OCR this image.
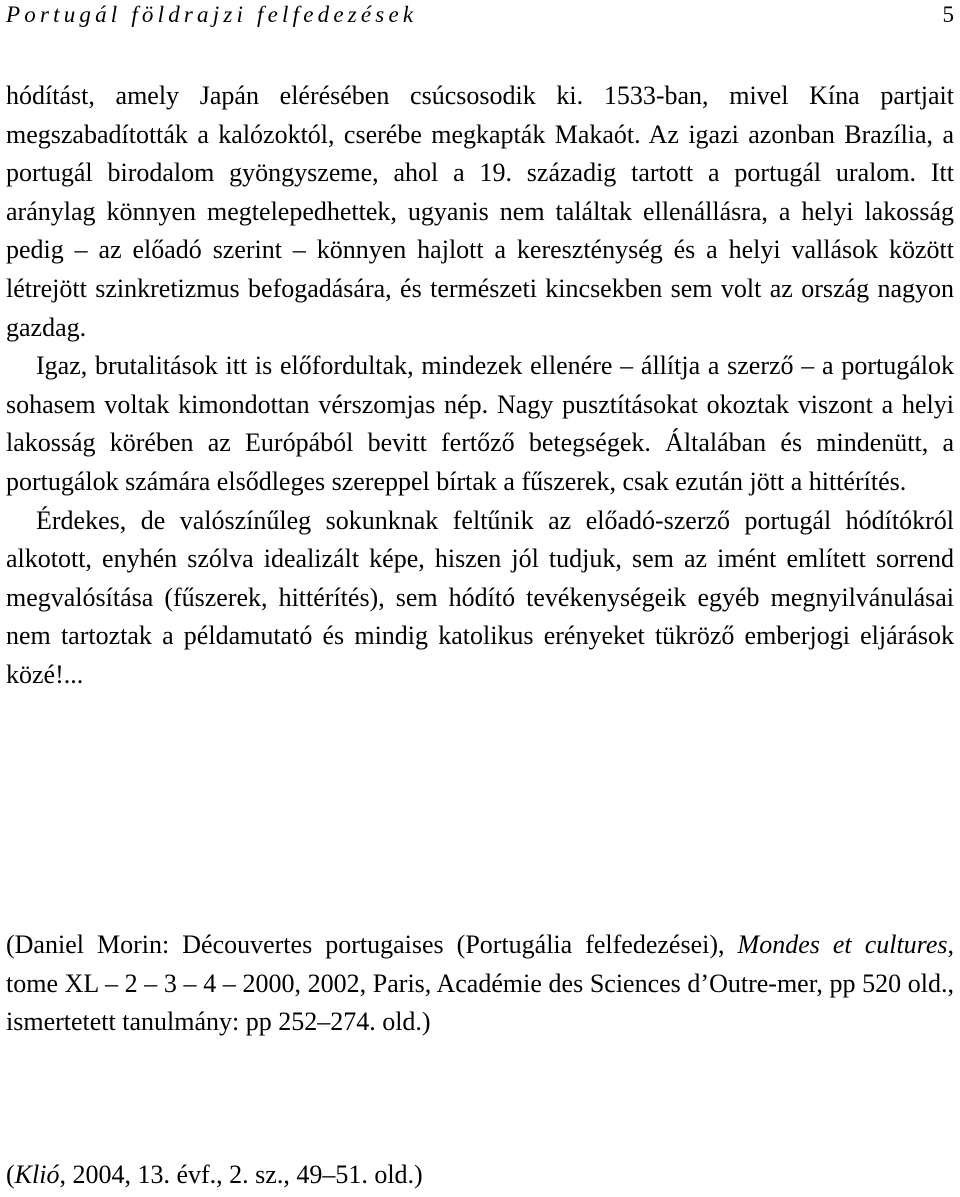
Portugál földrajzi felfedezések	5

hódítást, amely Japán elérésében csúcsosodik ki. 1533-ban, mivel Kína partjait megszabadították a kalózoktól, cserébe megkapták Makaót. Az igazi azonban Brazília, a portugál birodalom gyöngyszeme, ahol a 19. századig tartott a portugál uralom. Itt aránylag könnyen megtelepedhettek, ugyanis nem találtak ellenállásra, a helyi lakosság pedig – az előadó szerint – könnyen hajlott a kereszténység és a helyi vallások között létrejött szinkretizmus befogadására, és természeti kincsekben sem volt az ország nagyon gazdag.

Igaz, brutalitások itt is előfordultak, mindezek ellenére – állítja a szerző – a portugálok sohasem voltak kimondottan vérszomjas nép. Nagy pusztításokat okoztak viszont a helyi lakosság körében az Európából bevitt fertőző betegségek. Általában és mindenütt, a portugálok számára elsődleges szereppel bírtak a fűszerek, csak ezután jött a hittérítés.

Érdekes, de valószínűleg sokunknak feltűnik az előadó-szerző portugál hódítókról alkotott, enyhén szólva idealizált képe, hiszen jól tudjuk, sem az imént említett sorrend megvalósítása (fűszerek, hittérítés), sem hódító tevékenységeik egyéb megnyilvánulásai nem tartoztak a példamutató és mindig katolikus erényeket tükröző emberjogi eljárások közé!...

(Daniel Morin: Découvertes portugaises (Portugália felfedezései), Mondes et cultures, tome XL – 2 – 3 – 4 – 2000, 2002, Paris, Académie des Sciences d’Outre-mer, pp 520 old., ismertetett tanulmány: pp 252–274. old.)

(Klió, 2004, 13. évf., 2. sz., 49–51. old.)
